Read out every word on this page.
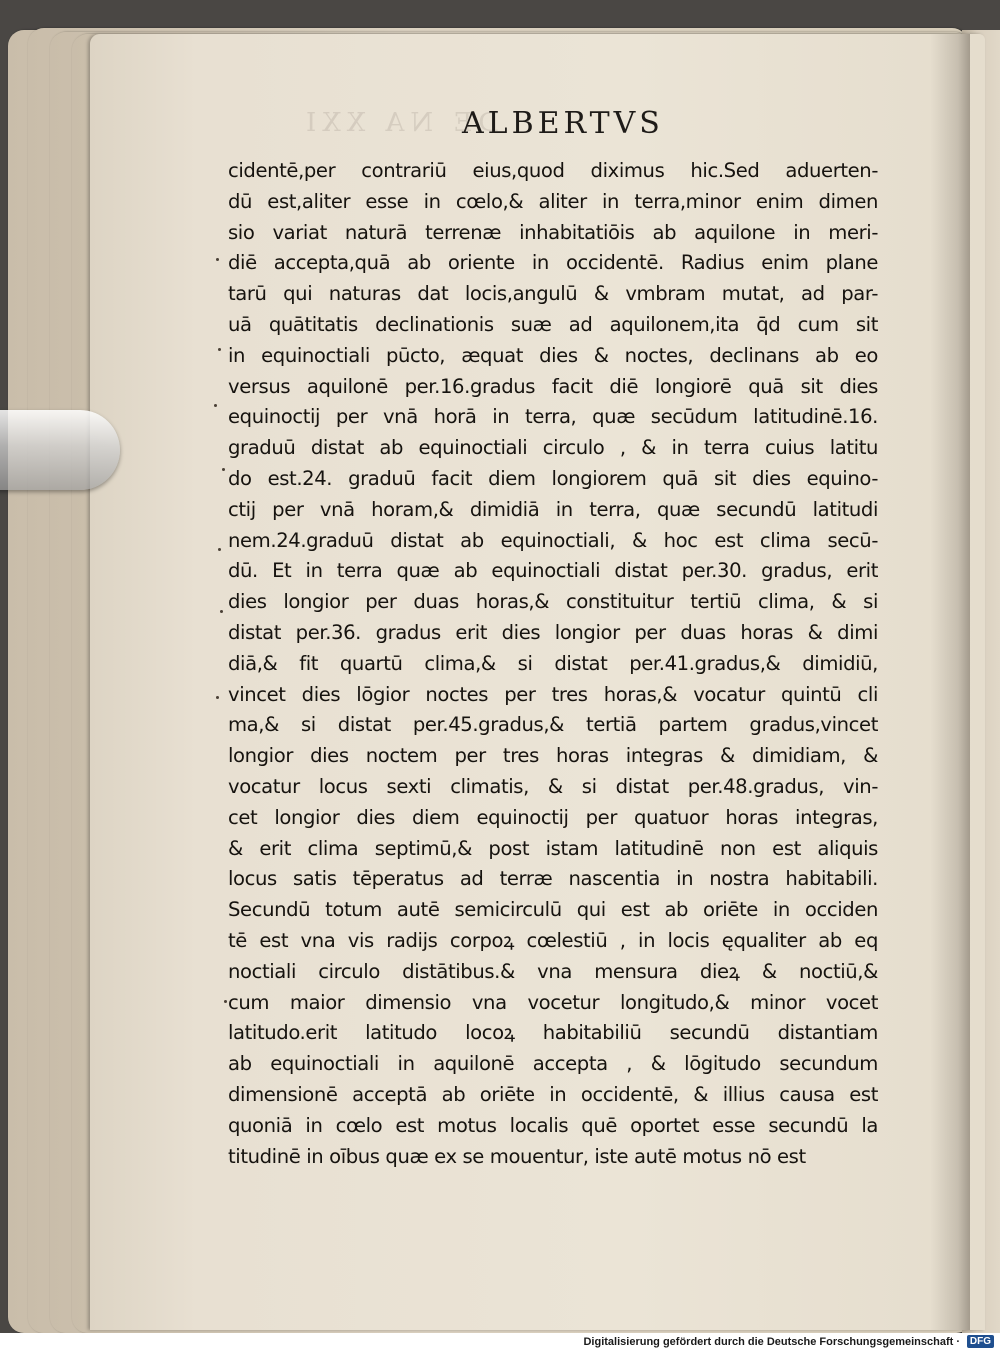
DE NA XXI
ALBERTVS
cidentē,per contrariū eius,quod diximus hic.Sed aduerten-
dū est,aliter esse in cœlo,& aliter in terra,minor enim dimen
sio variat naturā terrenæ inhabitatiōis ab aquilone in meri-
diē accepta,quā ab oriente in occidentē. Radius enim plane
tarū qui naturas dat locis,angulū & vmbram mutat, ad par-
uā quātitatis declinationis suæ ad aquilonem,ita q̄d cum sit
in equinoctiali pūcto, æquat dies & noctes, declinans ab eo
versus aquilonē per.16.gradus facit diē longiorē quā sit dies
equinoctij per vnā horā in terra, quæ secūdum latitudinē.16.
graduū distat ab equinoctiali circulo , & in terra cuius latitu
do est.24. graduū facit diem longiorem quā sit dies equino-
ctij per vnā horam,& dimidiā in terra, quæ secundū latitudi
nem.24.graduū distat ab equinoctiali, & hoc est clima secū-
dū. Et in terra quæ ab equinoctiali distat per.30. gradus, erit
dies longior per duas horas,& constituitur tertiū clima, & si
distat per.36. gradus erit dies longior per duas horas & dimi
diā,& fit quartū clima,& si distat per.41.gradus,& dimidiū,
vincet dies lōgior noctes per tres horas,& vocatur quintū cli
ma,& si distat per.45.gradus,& tertiā partem gradus,vincet
longior dies noctem per tres horas integras & dimidiam, &
vocatur locus sexti climatis, & si distat per.48.gradus, vin-
cet longior dies diem equinoctij per quatuor horas integras,
& erit clima septimū,& post istam latitudinē non est aliquis
locus satis tēperatus ad terræ nascentia in nostra habitabili.
Secundū totum autē semicirculū qui est ab oriēte in occiden
tē est vna vis radijs corpoꝝ cœlestiū , in locis ęqualiter ab eq
noctiali circulo distātibus.& vna mensura dieꝝ & noctiū,&
cum maior dimensio vna vocetur longitudo,& minor vocet
latitudo.erit latitudo locoꝝ habitabiliū secundū distantiam
ab equinoctiali in aquilonē accepta , & lōgitudo secundum
dimensionē acceptā ab oriēte in occidentē, & illius causa est
quoniā in cœlo est motus localis quē oportet esse secundū la
titudinē in oībus quæ ex se mouentur, iste autē motus nō est
Digitalisierung gefördert durch die Deutsche Forschungsgemeinschaft · DFG
